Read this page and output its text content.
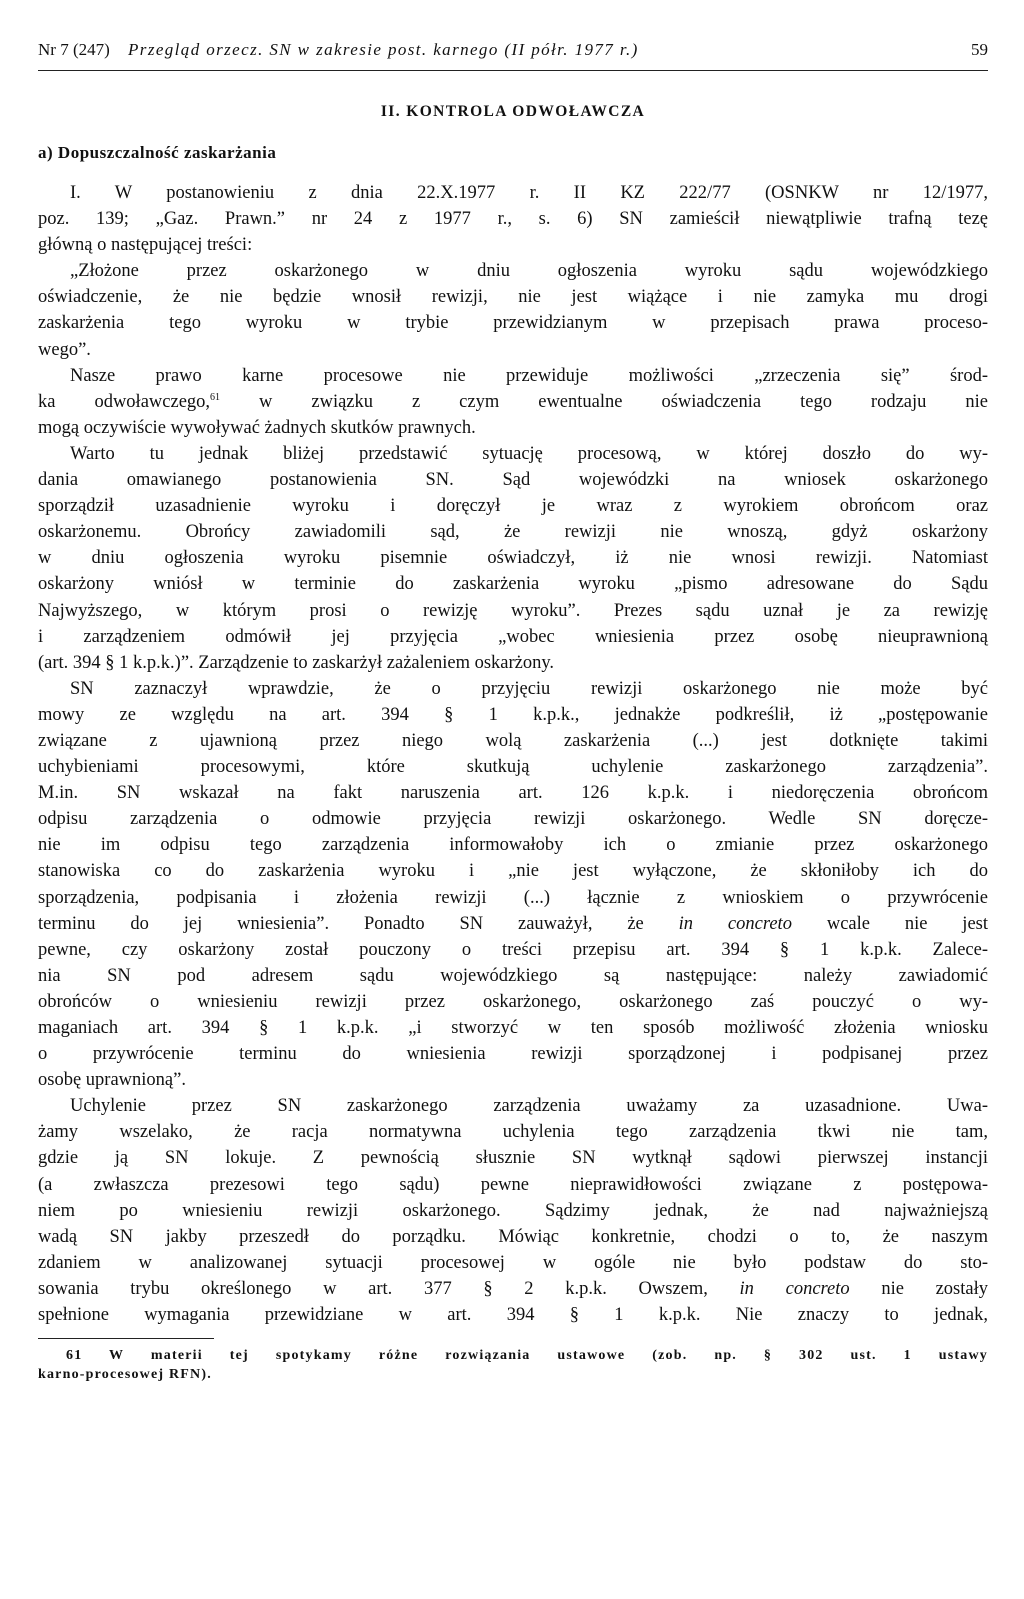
Nr 7 (247) Przegląd orzecz. SN w zakresie post. karnego (II półr. 1977 r.)	59
II. KONTROLA ODWOŁAWCZA
a) Dopuszczalność zaskarżania
I. W postanowieniu z dnia 22.X.1977 r. II KZ 222/77 (OSNKW nr 12/1977,
poz. 139; „Gaz. Prawn.” nr 24 z 1977 r., s. 6) SN zamieścił niewątpliwie trafną tezę
główną o następującej treści:
„Złożone przez oskarżonego w dniu ogłoszenia wyroku sądu wojewódzkiego
oświadczenie, że nie będzie wnosił rewizji, nie jest wiążące i nie zamyka mu drogi
zaskarżenia tego wyroku w trybie przewidzianym w przepisach prawa proceso-
wego”.
Nasze prawo karne procesowe nie przewiduje możliwości „zrzeczenia się” środ-
ka odwoławczego,$^{61}$ w związku z czym ewentualne oświadczenia tego rodzaju nie
mogą oczywiście wywoływać żadnych skutków prawnych.
Warto tu jednak bliżej przedstawić sytuację procesową, w której doszło do wy-
dania omawianego postanowienia SN. Sąd wojewódzki na wniosek oskarżonego
sporządził uzasadnienie wyroku i doręczył je wraz z wyrokiem obrońcom oraz
oskarżonemu. Obrońcy zawiadomili sąd, że rewizji nie wnoszą, gdyż oskarżony
w dniu ogłoszenia wyroku pisemnie oświadczył, iż nie wnosi rewizji. Natomiast
oskarżony wniósł w terminie do zaskarżenia wyroku „pismo adresowane do Sądu
Najwyższego, w którym prosi o rewizję wyroku”. Prezes sądu uznał je za rewizję
i zarządzeniem odmówił jej przyjęcia „wobec wniesienia przez osobę nieuprawnioną
(art. 394 § 1 k.p.k.)”. Zarządzenie to zaskarżył zażaleniem oskarżony.
SN zaznaczył wprawdzie, że o przyjęciu rewizji oskarżonego nie może być
mowy ze względu na art. 394 § 1 k.p.k., jednakże podkreślił, iż „postępowanie
związane z ujawnioną przez niego wolą zaskarżenia (...) jest dotknięte takimi
uchybieniami procesowymi, które skutkują uchylenie zaskarżonego zarządzenia”.
M.in. SN wskazał na fakt naruszenia art. 126 k.p.k. i niedoręczenia obrońcom
odpisu zarządzenia o odmowie przyjęcia rewizji oskarżonego. Wedle SN doręcze-
nie im odpisu tego zarządzenia informowałoby ich o zmianie przez oskarżonego
stanowiska co do zaskarżenia wyroku i „nie jest wyłączone, że skłoniłoby ich do
sporządzenia, podpisania i złożenia rewizji (...) łącznie z wnioskiem o przywrócenie
terminu do jej wniesienia”. Ponadto SN zauważył, że in concreto wcale nie jest
pewne, czy oskarżony został pouczony o treści przepisu art. 394 § 1 k.p.k. Zalece-
nia SN pod adresem sądu wojewódzkiego są następujące: należy zawiadomić
obrońców o wniesieniu rewizji przez oskarżonego, oskarżonego zaś pouczyć o wy-
maganiach art. 394 § 1 k.p.k. „i stworzyć w ten sposób możliwość złożenia wniosku
o przywrócenie terminu do wniesienia rewizji sporządzonej i podpisanej przez
osobę uprawnioną”.
Uchylenie przez SN zaskarżonego zarządzenia uważamy za uzasadnione. Uwa-
żamy wszelako, że racja normatywna uchylenia tego zarządzenia tkwi nie tam,
gdzie ją SN lokuje. Z pewnością słusznie SN wytknął sądowi pierwszej instancji
(a zwłaszcza prezesowi tego sądu) pewne nieprawidłowości związane z postępowa-
niem po wniesieniu rewizji oskarżonego. Sądzimy jednak, że nad najważniejszą
wadą SN jakby przeszedł do porządku. Mówiąc konkretnie, chodzi o to, że naszym
zdaniem w analizowanej sytuacji procesowej w ogóle nie było podstaw do sto-
sowania trybu określonego w art. 377 § 2 k.p.k. Owszem, in concreto nie zostały
spełnione wymagania przewidziane w art. 394 § 1 k.p.k. Nie znaczy to jednak,
61 W materii tej spotykamy różne rozwiązania ustawowe (zob. np. § 302 ust. 1 ustawy
karno-procesowej RFN).
